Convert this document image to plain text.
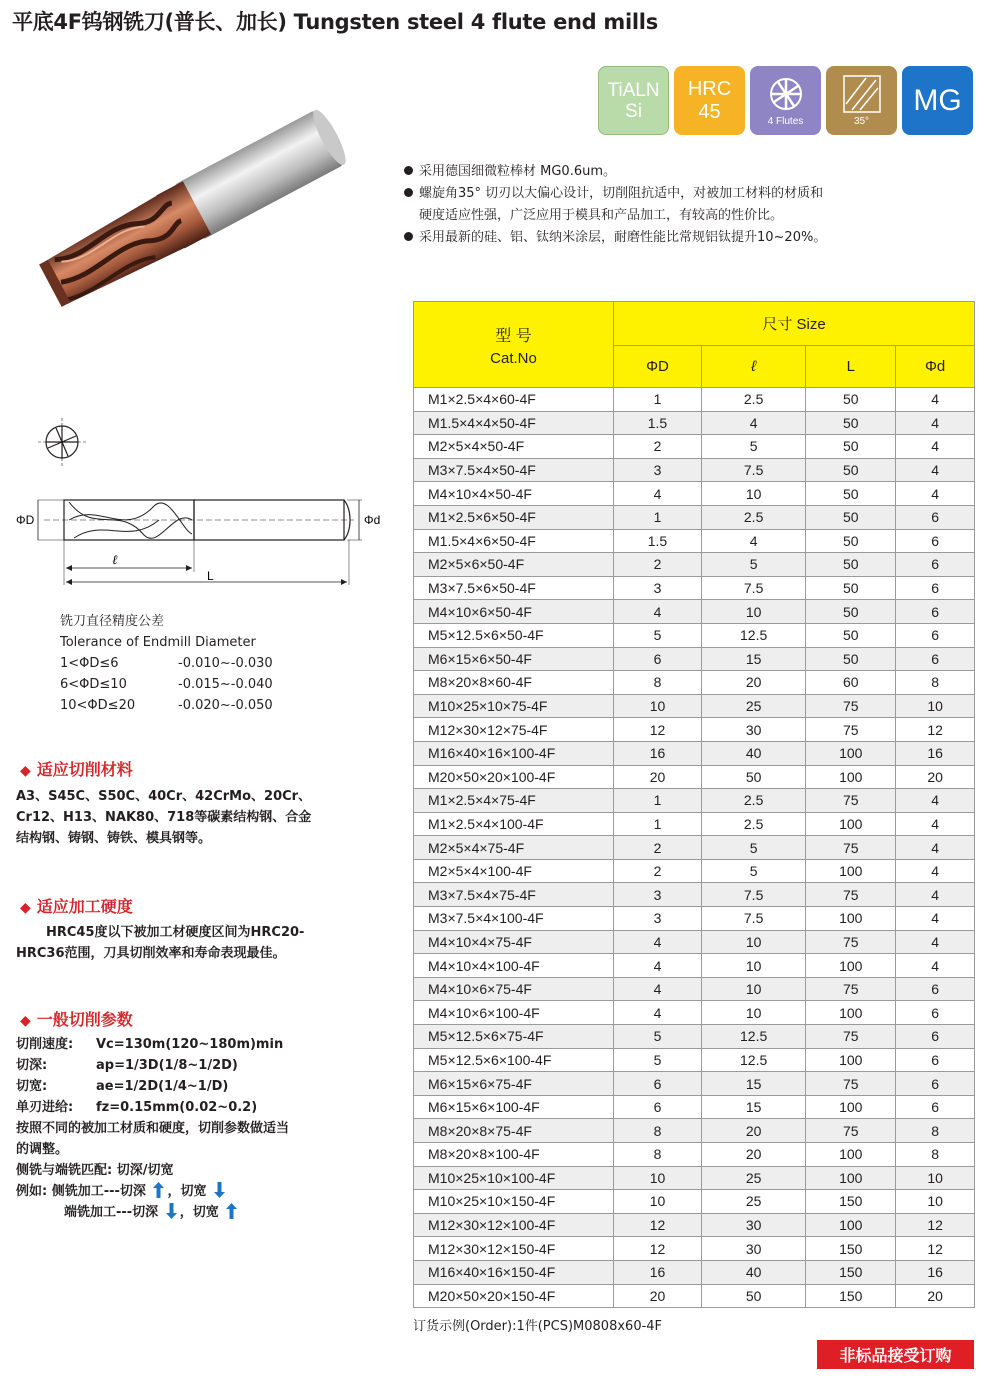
平底4F钨钢铣刀(普长、加长) Tungsten steel 4 flute end mills
TiALN
Si
HRC
45	4 Flutes	35°
MG
采用德国细微粒棒材 MG0.6um。
螺旋角35° 切刃以大偏心设计，切削阻抗适中，对被加工材料的材质和
硬度适应性强，广泛应用于模具和产品加工，有较高的性价比。
采用最新的硅、铝、钛纳米涂层，耐磨性能比常规铝钛提升10~20%。
ΦD	Φd
ℓ
L
铣刀直径精度公差
Tolerance of Endmill Diameter
1<ΦD≤6	-0.010~-0.030
6<ΦD≤10	-0.015~-0.040
10<ΦD≤20	-0.020~-0.050
◆ 适应切削材料
A3、S45C、S50C、40Cr、42CrMo、20Cr、
Cr12、H13、NAK80、718等碳素结构钢、合金
结构钢、铸钢、铸铁、模具钢等。
◆ 适应加工硬度
HRC45度以下被加工材硬度区间为HRC20-
HRC36范围，刀具切削效率和寿命表现最佳。
◆ 一般切削参数
切削速度: Vc=130m(120~180m)min
切深:	ap=1/3D(1/8~1/2D)
切宽:	ae=1/2D(1/4~1/D)
单刃进给: fz=0.15mm(0.02~0.2)
按照不同的被加工材质和硬度，切削参数做适当
的调整。
侧铣与端铣匹配: 切深/切宽
例如: 侧铣加工---切深 ，切宽
端铣加工---切深 ，切宽
型 号
Cat.No	尺寸 Size			
	ΦD	ℓ	L	Φd
M1×2.5×4×60-4F	1	2.5	50	4
M1.5×4×4×50-4F	1.5	4	50	4
M2×5×4×50-4F	2	5	50	4
M3×7.5×4×50-4F	3	7.5	50	4
M4×10×4×50-4F	4	10	50	4
M1×2.5×6×50-4F	1	2.5	50	6
M1.5×4×6×50-4F	1.5	4	50	6
M2×5×6×50-4F	2	5	50	6
M3×7.5×6×50-4F	3	7.5	50	6
M4×10×6×50-4F	4	10	50	6
M5×12.5×6×50-4F	5	12.5	50	6
M6×15×6×50-4F	6	15	50	6
M8×20×8×60-4F	8	20	60	8
M10×25×10×75-4F	10	25	75	10
M12×30×12×75-4F	12	30	75	12
M16×40×16×100-4F	16	40	100	16
M20×50×20×100-4F	20	50	100	20
M1×2.5×4×75-4F	1	2.5	75	4
M1×2.5×4×100-4F	1	2.5	100	4
M2×5×4×75-4F	2	5	75	4
M2×5×4×100-4F	2	5	100	4
M3×7.5×4×75-4F	3	7.5	75	4
M3×7.5×4×100-4F	3	7.5	100	4
M4×10×4×75-4F	4	10	75	4
M4×10×4×100-4F	4	10	100	4
M4×10×6×75-4F	4	10	75	6
M4×10×6×100-4F	4	10	100	6
M5×12.5×6×75-4F	5	12.5	75	6
M5×12.5×6×100-4F	5	12.5	100	6
M6×15×6×75-4F	6	15	75	6
M6×15×6×100-4F	6	15	100	6
M8×20×8×75-4F	8	20	75	8
M8×20×8×100-4F	8	20	100	8
M10×25×10×100-4F	10	25	100	10
M10×25×10×150-4F	10	25	150	10
M12×30×12×100-4F	12	30	100	12
M12×30×12×150-4F	12	30	150	12
M16×40×16×150-4F	16	40	150	16
M20×50×20×150-4F	20	50	150	20
订货示例(Order):1件(PCS)M0808x60-4F
非标品接受订购
